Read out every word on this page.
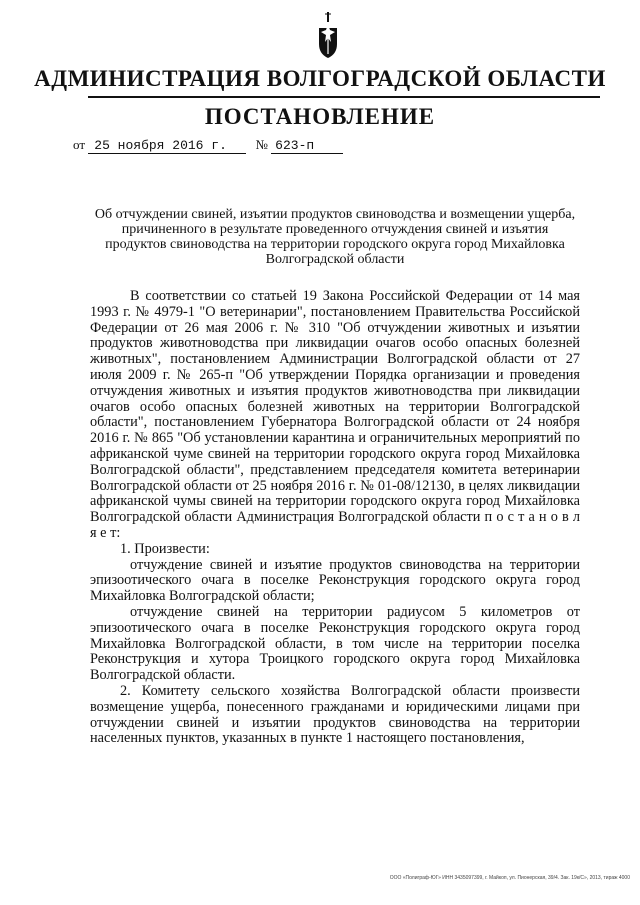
АДМИНИСТРАЦИЯ ВОЛГОГРАДСКОЙ ОБЛАСТИ
ПОСТАНОВЛЕНИЕ
от 25 ноября 2016 г. № 623-п
Об отчуждении свиней, изъятии продуктов свиноводства и возмещении ущерба, причиненного в результате проведенного отчуждения свиней и изъятия продуктов свиноводства на территории городского округа город Михайловка Волгоградской области

В соответствии со статьей 19 Закона Российской Федерации от 14 мая 1993 г. № 4979-1 "О ветеринарии", постановлением Правительства Российской Федерации от 26 мая 2006 г. № 310 "Об отчуждении животных и изъятии продуктов животноводства при ликвидации очагов особо опасных болезней животных", постановлением Администрации Волгоградской области от 27 июля 2009 г. № 265-п "Об утверждении Порядка организации и проведения отчуждения животных и изъятия продуктов животноводства при ликвидации очагов особо опасных болезней животных на территории Волгоградской области", постановлением Губернатора Волгоградской области от 24 ноября 2016 г. № 865 "Об установлении карантина и ограничительных мероприятий по африканской чуме свиней на территории городского округа город Михайловка Волгоградской области", представлением председателя комитета ветеринарии Волгоградской области от 25 ноября 2016 г. № 01-08/12130, в целях ликвидации африканской чумы свиней на территории городского округа город Михайловка Волгоградской области Администрация Волгоградской области п о с т а н о в л я е т:

1. Произвести:

отчуждение свиней и изъятие продуктов свиноводства на территории эпизоотического очага в поселке Реконструкция городского округа город Михайловка Волгоградской области;

отчуждение свиней на территории радиусом 5 километров от эпизоотического очага в поселке Реконструкция городского округа город Михайловка Волгоградской области, в том числе на территории поселка Реконструкция и хутора Троицкого городского округа город Михайловка Волгоградской области.

2. Комитету сельского хозяйства Волгоградской области произвести возмещение ущерба, понесенного гражданами и юридическими лицами при отчуждении свиней и изъятии продуктов свиноводства на территории населенных пунктов, указанных в пункте 1 настоящего постановления,

ООО «Полиграф-ЮГ» ИНН 3435097399, г. Майкоп, ул. Пионерская, 39/4. Зак. 19к/С», 2013, тираж 4000
